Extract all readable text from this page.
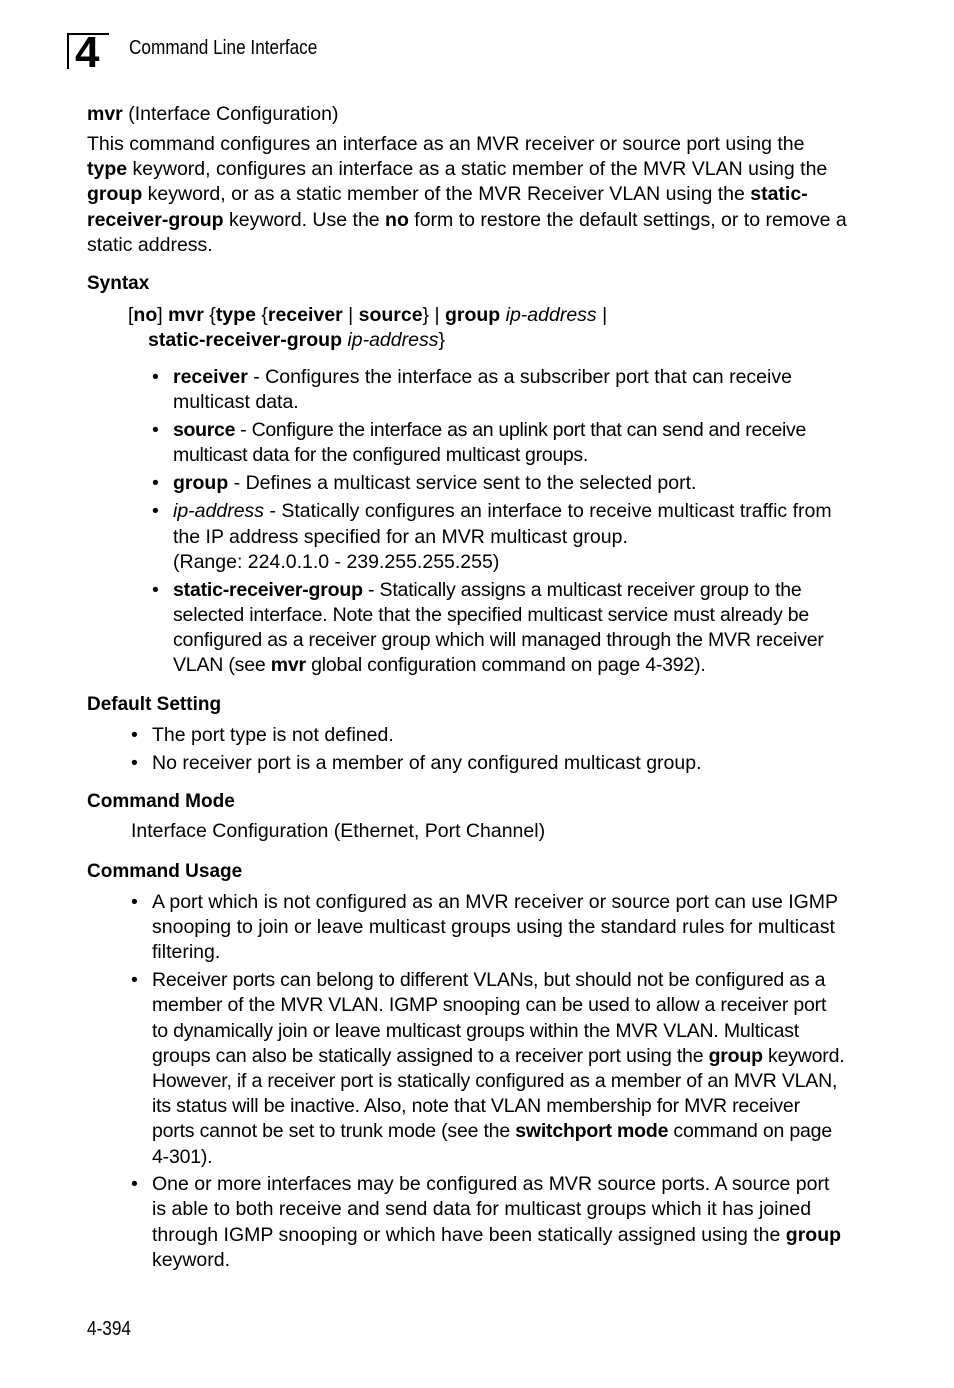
4 Command Line Interface
mvr (Interface Configuration)
This command configures an interface as an MVR receiver or source port using the type keyword, configures an interface as a static member of the MVR VLAN using the group keyword, or as a static member of the MVR Receiver VLAN using the static-receiver-group keyword. Use the no form to restore the default settings, or to remove a static address.
Syntax
[no] mvr {type {receiver | source} | group ip-address |
static-receiver-group ip-address}
• receiver - Configures the interface as a subscriber port that can receive multicast data.
• source - Configure the interface as an uplink port that can send and receive multicast data for the configured multicast groups.
• group - Defines a multicast service sent to the selected port.
• ip-address - Statically configures an interface to receive multicast traffic from the IP address specified for an MVR multicast group.
(Range: 224.0.1.0 - 239.255.255.255)
• static-receiver-group - Statically assigns a multicast receiver group to the selected interface. Note that the specified multicast service must already be configured as a receiver group which will managed through the MVR receiver VLAN (see mvr global configuration command on page 4-392).
Default Setting
• The port type is not defined.
• No receiver port is a member of any configured multicast group.
Command Mode
Interface Configuration (Ethernet, Port Channel)
Command Usage
• A port which is not configured as an MVR receiver or source port can use IGMP snooping to join or leave multicast groups using the standard rules for multicast filtering.
• Receiver ports can belong to different VLANs, but should not be configured as a member of the MVR VLAN. IGMP snooping can be used to allow a receiver port to dynamically join or leave multicast groups within the MVR VLAN. Multicast groups can also be statically assigned to a receiver port using the group keyword. However, if a receiver port is statically configured as a member of an MVR VLAN, its status will be inactive. Also, note that VLAN membership for MVR receiver ports cannot be set to trunk mode (see the switchport mode command on page 4-301).
• One or more interfaces may be configured as MVR source ports. A source port is able to both receive and send data for multicast groups which it has joined through IGMP snooping or which have been statically assigned using the group keyword.
4-394
